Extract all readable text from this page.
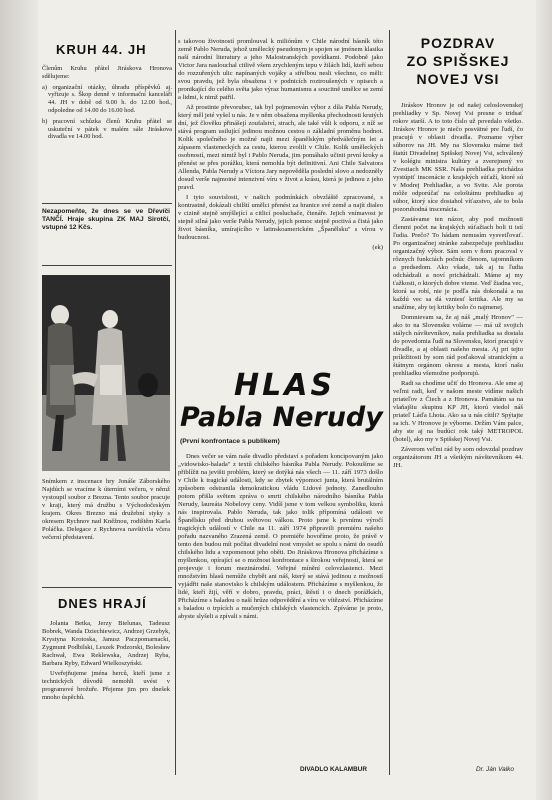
KRUH 44. JH
Členům Kruhu přátel Jiráskova Hronova sdělujeme:
a) organizační otázky, úhradu příspěvků aj. vyřizuje s. Škop denně v informační kanceláři 44. JH v době od 9.00 h. do 12.00 hod., odpoledne od 14.00 do 16.00 hod.
b) pracovní schůzka členů Kruhu přátel se uskuteční v pátek v malém sále Jiráskova divadla ve 14.00 hod.
Nezapomeňte, že dnes se ve Dřevíči TANČÍ. Hraje skupina ZK MAJ Sirotčí, vstupné 12 Kčs.
Snímkem z inscenace hry Jonáše Záborského Najdúch se vracíme k úterními večeru, v němž vystoupil soubor z Brezna. Tento soubor pracuje v kraji, který má družbu s Východočeským krajem. Okres Brezno má družební styky s okresem Rychnov nad Kněžnou, rodištěm Karla Poláčka. Delegace z Rychnova navštívila včera večerní představení.
DNES HRAJÍ

Jolanta Betka, Jerzy Bielunas, Tadeusz Bobrek, Wanda Dziechiewicz, Andrzej Grzebyk, Krystyna Krotoska, Janusz Paczpomarnacki, Zygmunt Podbilski, Leszek Podzorski, Bolesław Rachwał, Ewa Reklewska, Andrzej Ryba, Barbara Ryby, Edward Wielkoszyński.

Uveřejňujeme jména herců, kteří jsme z technických důvodů nemohli uvést v programové brožuře. Přejeme jim pro dnešek mnoho úspěchů.

s takovou životností promlouval k miliónům v Chile národní básník této země Pablo Neruda, jehož umělecký pseudonym je spojen se jménem klasika naší národní literatury a jeho Malostranských povídkami. Podobně jako Victor Jara naslouchal citlivě všem zrychleným tepu v žilách lidí, kteří sebou do rozzuřených ulic napínaných vojáky a střelbou nesli všechno, co měli: svou pravdu, jež byla obsažena i v podnicích roztroušených v opisech a pronikající do celého světa jako výraz humanismu a soucitně umělce se zemí a lidmi, k nimž patřil.

Až prostinte převorubec, tak byl pojmenován výbor z díla Pabla Nerudy, který měl jeté vyšel u nás. Je v něm obsažena myšlenka přechodnosti krutých dní, jež člověku přinášejí zoufalství, strach, ale také vůli k odporu, z níž se stává program usilující jedinou možnou cestou o základní proměnu hodnot. Kolik společného je možné najít mezi španělským předválečným let a zápasem vlasteneckých za cestu, kterou zvolili v Chile. Kolik uměleckých osobností, mezi nimiž byl i Pablo Neruda, jim pomáhalo učinit první kroky a přenést se přes porážku, která nemohla být definitivní. Ani Chile Salvatora Allenda, Pabla Nerudy a Víctora Jary nepověděla poslední slovo a nedozněly dosud verše najmoiné intenzivní víru v život a krásu, která je jedinou z jeho pravd.

I tyto souvislosti, v našich podmínkách obvzláště zpracované, s kontrastně, dokázali chilští umělci přenést za hranice své země a najít dialeo v cizině stejně smýšlející a citlicí posluchače, čtenáře. Jejich vnímavost je stejně silná jako verše Pabla Nerudy, jejich pomoc stejně poctivá a čistá jako život básníka, umírajícího v latinskoamerickém „Španělsku" s vírou v budoucnost.

(ek)
HLAS
Pabla Nerudy
(První konfrontace s publikem)

Dnes večer se vám naše divadlo představí s pořadem koncipovaným jako „vidowisko-balada" z textů chilského básníka Pabla Nerudy. Pokoušíme se přiblížit na jevišti problém, který se dotýká nás všech — 11. září 1973 došlo v Chile k tragické události, kdy se zbytek výpomoci junta, která brutálním způsobem odstranila demokratickou vládu Lidové jednoty. Zanedlouho potom přišla světem zpráva o smrti chilského národního básníka Pabla Nerudy, laureáta Nobelovy ceny. Vidíš jsme v tom velkou symboliku, která nás inspirovala. Pablo Neruda, tak jako tolik přípomíná události ve Španělsku před druhou světovou válkou. Proto jsme k prvnímu výročí tragických událostí v Chile na 11. září 1974 připravili premiéru našeho pořadu nazvaného Zrazená země. O premiéře hovoříme proto, že právě v tento den budou mít počítat divadelní nost vmyslet se spolu s námi do osudů chilského lidu a vzpomenout jeho oběti. Do Jiráskova Hronova přicházíme s myšlenkou, opírající se o možnost konfrontace s širokou veřejností, která se projevuje i forum mezinárodní. Veřejné mínění celovzlastenci. Mezi množstvím hlasů nemůže chybět ani náš, který se stává jedinou z možností vyjádřit naše stanovisko k chilským událostem. Přicházíme s myšlenkou, že lidé, kteří žijí, věří v dobro, pravdu, práci, štěstí i o dnech porážkách, Přicházíme s baladou o naší hrůze odpovědění a víru ve vítězství. Přicházíme s baladou o trpících a mučených chilských vlastencích. Zpíváme je proto, abyste slyšeli a zpívali s námi.

DIVADLO KALAMBUR
POZDRAV
ZO SPIŠSKEJ
NOVEJ VSI

Jiráskov Hronov je od našej celoslovenskej prehliadky v Sp. Novej Vsi presne o tridsať rokov starší. A to toto číslo už povedalo všetko. Jiráskov Hronov je niečo posvätné pre ľudí, čo pracujú v oblasti divadla. Pozname výber súborov na JH. My na Slovensku máme tiež štatút Divadelnej Spišskej Novej Vsi, schválený v kolégiu ministra kultúry a zverejnený vo Zvestiach MK SSR. Naša prehliadka prichádza vystúpiť inscenácie z krajských súťaží, ktoré sú v Modrej Prehliadke, a vo Svite. Ale porota môže odporúčať na celoštátnu prehliadku aj súbor, ktorý síce dosiahol víťazstvo, ale to bola pozoruhodná inscenácia.

Zastávame ten názor, aby pod možnosti členmi počet na krajských súťažiach boli ti istí ľudia. Prečo? To hádam nemusím vysvetľovať. Po organizačnej stránke zabezpečuje prehliadku organizačný výbor. Sám som v ňom pracoval v rôznych funkciách počnúc členom, tajomníkom a predsedom. Ako všade, tak aj tu ľudia odchádzali a noví prichádzali. Máme aj my ťažkosti, o ktorých dobre vieme. Veď žiadna vec, ktorá sa robí, nie je podľa nás dokonalá a na každú vec sa dá vzniesť kritika. Ale my sa snažíme, aby tej kritiky bolo čo najmenej.

Domnievam sa, že aj náš „malý Hronov" — ako to na Slovensku voláme — má už svojich stálych návštevníkov, naša prehliadka sa dostala do povedomia ľudí na Slovensku, ktorí pracujú v divadle, a aj oblasti našeho mesta. Aj pri tejto príležitosti by som rád poďakoval stranickým a štátnym orgánom okresu a mesta, ktorí našu prehliadku všemožne podporujú.

Radi sa chodíme učiť do Hronova. Ale sme aj veľmi radi, keď v našom meste vidíme našich priateľov z Čiech a z Hronova. Pamätám sa na vlaňajšiu skupinu KP JH, ktorú viedol náš priateľ Láďa Lhota. Ako sa u nás cítili? Spýtajte sa ich. V Hronove je výborne. Držím Vám palce, aby ste aj na budúci rok taký METROPOL (hotel), ako my v Spišskej Novej Vsi.

Záverom veľmi rád by som odovzdal pozdrav organizátorom JH a všetkým návštevníkom 44. JH.

Dr. Ján Valko
